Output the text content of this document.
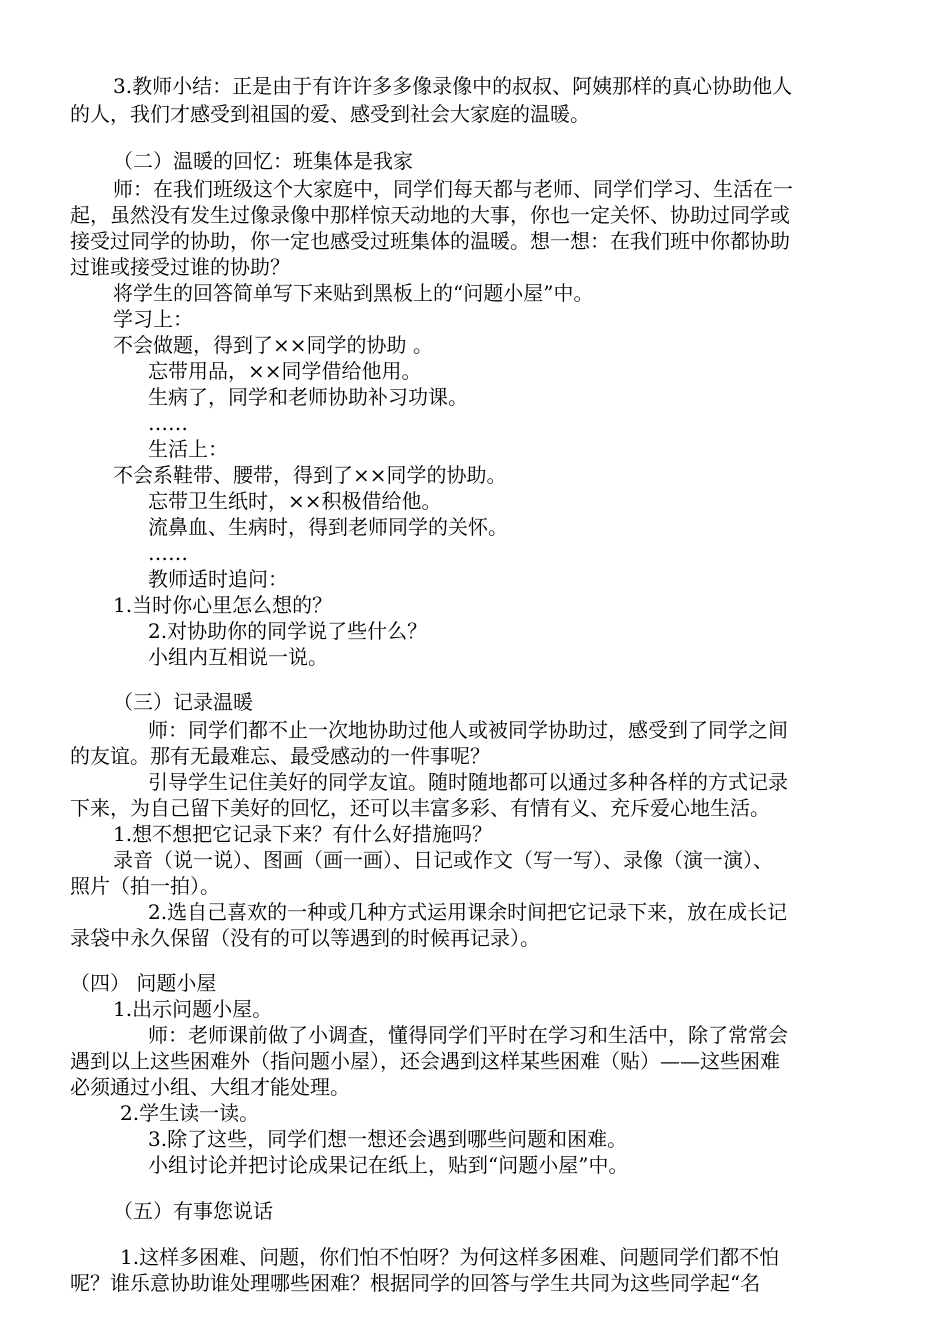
3.教师小结：正是由于有许许多多像录像中的叔叔、阿姨那样的真心协助他人
的人，我们才感受到祖国的爱、感受到社会大家庭的温暖。
（二）温暖的回忆：班集体是我家
师：在我们班级这个大家庭中，同学们每天都与老师、同学们学习、生活在一
起，虽然没有发生过像录像中那样惊天动地的大事，你也一定关怀、协助过同学或
接受过同学的协助，你一定也感受过班集体的温暖。想一想：在我们班中你都协助
过谁或接受过谁的协助？
将学生的回答简单写下来贴到黑板上的“问题小屋”中。
学习上：
不会做题，得到了××同学的协助 。
忘带用品，××同学借给他用。
生病了，同学和老师协助补习功课。
……
生活上：
不会系鞋带、腰带，得到了××同学的协助。
忘带卫生纸时，××积极借给他。
流鼻血、生病时，得到老师同学的关怀。
……
教师适时追问：
1.当时你心里怎么想的？
2.对协助你的同学说了些什么？
小组内互相说一说。
（三）记录温暖
师：同学们都不止一次地协助过他人或被同学协助过，感受到了同学之间
的友谊。那有无最难忘、最受感动的一件事呢？
引导学生记住美好的同学友谊。随时随地都可以通过多种各样的方式记录
下来，为自己留下美好的回忆，还可以丰富多彩、有情有义、充斥爱心地生活。
1.想不想把它记录下来？有什么好措施吗？
录音（说一说）、图画（画一画）、日记或作文（写一写）、录像（演一演）、
照片（拍一拍）。
2.选自己喜欢的一种或几种方式运用课余时间把它记录下来，放在成长记
录袋中永久保留（没有的可以等遇到的时候再记录）。
（四） 问题小屋
1.出示问题小屋。
师：老师课前做了小调查，懂得同学们平时在学习和生活中，除了常常会
遇到以上这些困难外（指问题小屋），还会遇到这样某些困难（贴）——这些困难
必须通过小组、大组才能处理。
2.学生读一读。
3.除了这些，同学们想一想还会遇到哪些问题和困难。
小组讨论并把讨论成果记在纸上，贴到“问题小屋”中。
（五）有事您说话
1.这样多困难、问题，你们怕不怕呀？为何这样多困难、问题同学们都不怕
呢？谁乐意协助谁处理哪些困难？根据同学的回答与学生共同为这些同学起“名
